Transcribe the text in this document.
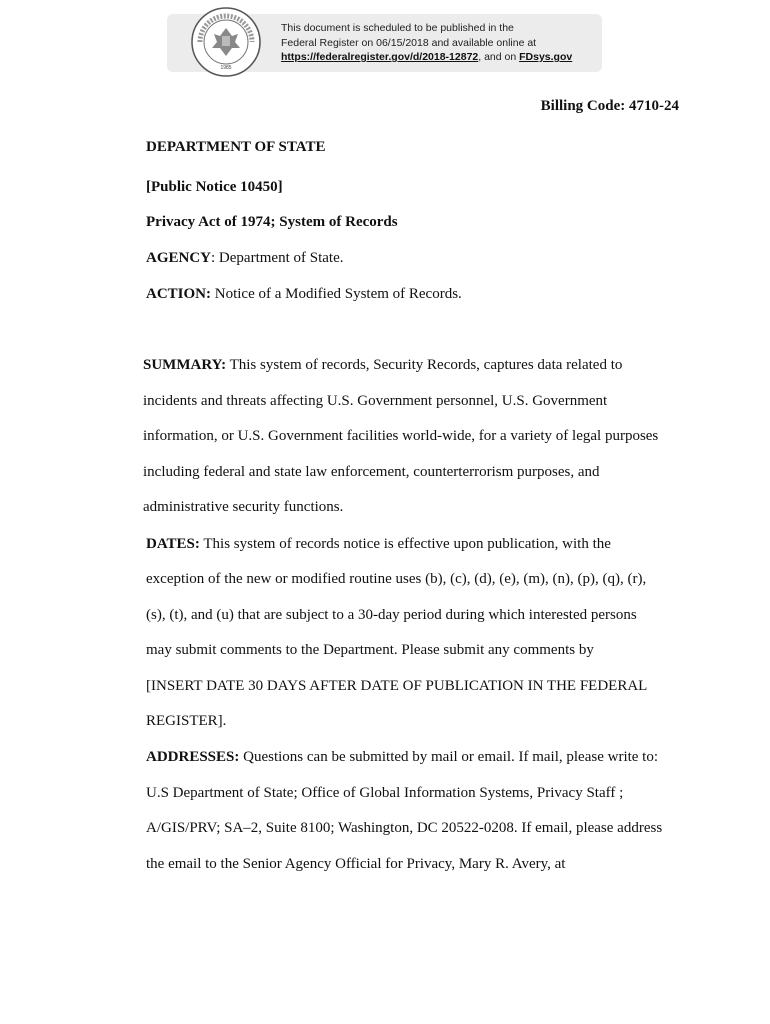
1985
This document is scheduled to be published in the
Federal Register on 06/15/2018 and available online at
https://federalregister.gov/d/2018-12872, and on FDsys.gov
Billing Code: 4710-24
DEPARTMENT OF STATE
[Public Notice 10450]
Privacy Act of 1974; System of Records
AGENCY: Department of State.
ACTION: Notice of a Modified System of Records.
SUMMARY: This system of records, Security Records, captures data related to
incidents and threats affecting U.S. Government personnel, U.S. Government
information, or U.S. Government facilities world-wide, for a variety of legal purposes
including federal and state law enforcement, counterterrorism purposes, and
administrative security functions.
DATES: This system of records notice is effective upon publication, with the
exception of the new or modified routine uses (b), (c), (d), (e), (m), (n), (p), (q), (r),
(s), (t), and (u) that are subject to a 30-day period during which interested persons
may submit comments to the Department. Please submit any comments by
[INSERT DATE 30 DAYS AFTER DATE OF PUBLICATION IN THE FEDERAL
REGISTER].
ADDRESSES: Questions can be submitted by mail or email. If mail, please write to:
U.S Department of State; Office of Global Information Systems, Privacy Staff ;
A/GIS/PRV; SA–2, Suite 8100; Washington, DC 20522-0208. If email, please address
the email to the Senior Agency Official for Privacy, Mary R. Avery, at
